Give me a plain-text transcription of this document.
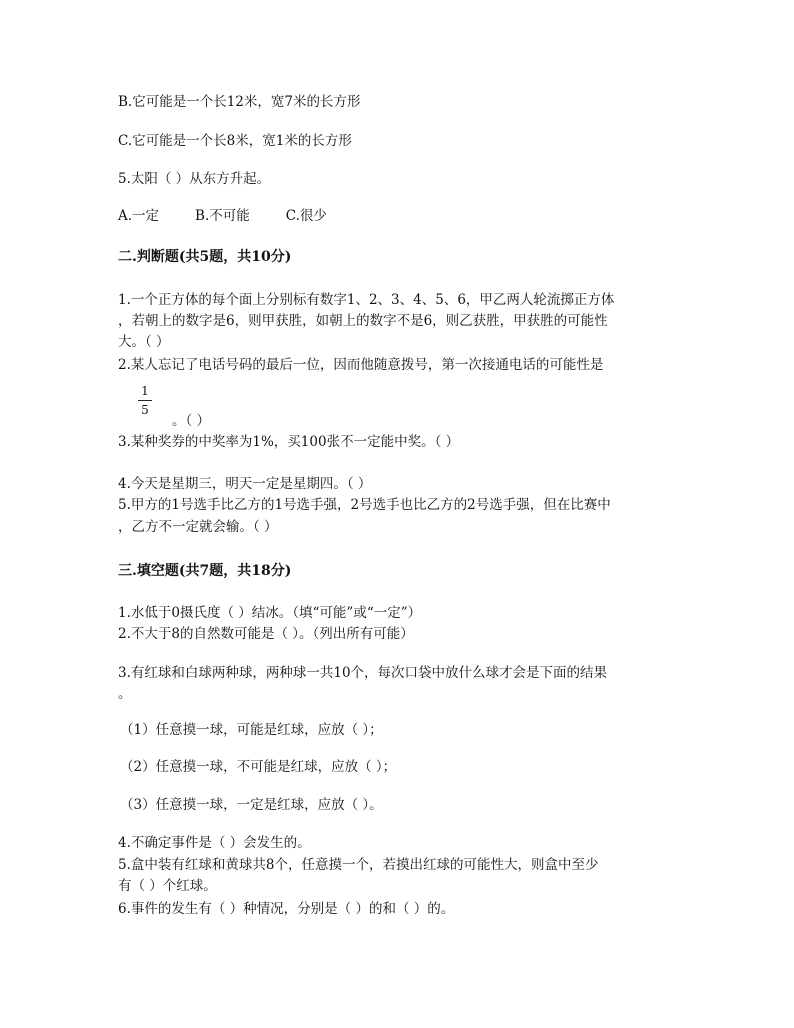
B.它可能是一个长12米，宽7米的长方形
C.它可能是一个长8米，宽1米的长方形
5.太阳（ ）从东方升起。
A.一定	B.不可能	C.很少
二.判断题(共5题，共10分)
1.一个正方体的每个面上分别标有数字1、2、3、4、5、6，甲乙两人轮流掷正方体
，若朝上的数字是6，则甲获胜，如朝上的数字不是6，则乙获胜，甲获胜的可能性
大。（ ）
2.某人忘记了电话号码的最后一位，因而他随意拨号，第一次接通电话的可能性是
1
5
。（ ）
3.某种奖券的中奖率为1%，买100张不一定能中奖。（ ）
4.今天是星期三，明天一定是星期四。（ ）
5.甲方的1号选手比乙方的1号选手强，2号选手也比乙方的2号选手强，但在比赛中
，乙方不一定就会输。（ ）
三.填空题(共7题，共18分)
1.水低于0摄氏度（ ）结冰。（填“可能”或“一定”）
2.不大于8的自然数可能是（ ）。（列出所有可能）
3.有红球和白球两种球，两种球一共10个，每次口袋中放什么球才会是下面的结果
。
（1）任意摸一球，可能是红球，应放（ ）；
（2）任意摸一球，不可能是红球，应放（ ）；
（3）任意摸一球，一定是红球，应放（ ）。
4.不确定事件是（ ）会发生的。
5.盒中装有红球和黄球共8个，任意摸一个，若摸出红球的可能性大，则盒中至少
有（ ）个红球。
6.事件的发生有（ ）种情况，分别是（ ）的和（ ）的。
